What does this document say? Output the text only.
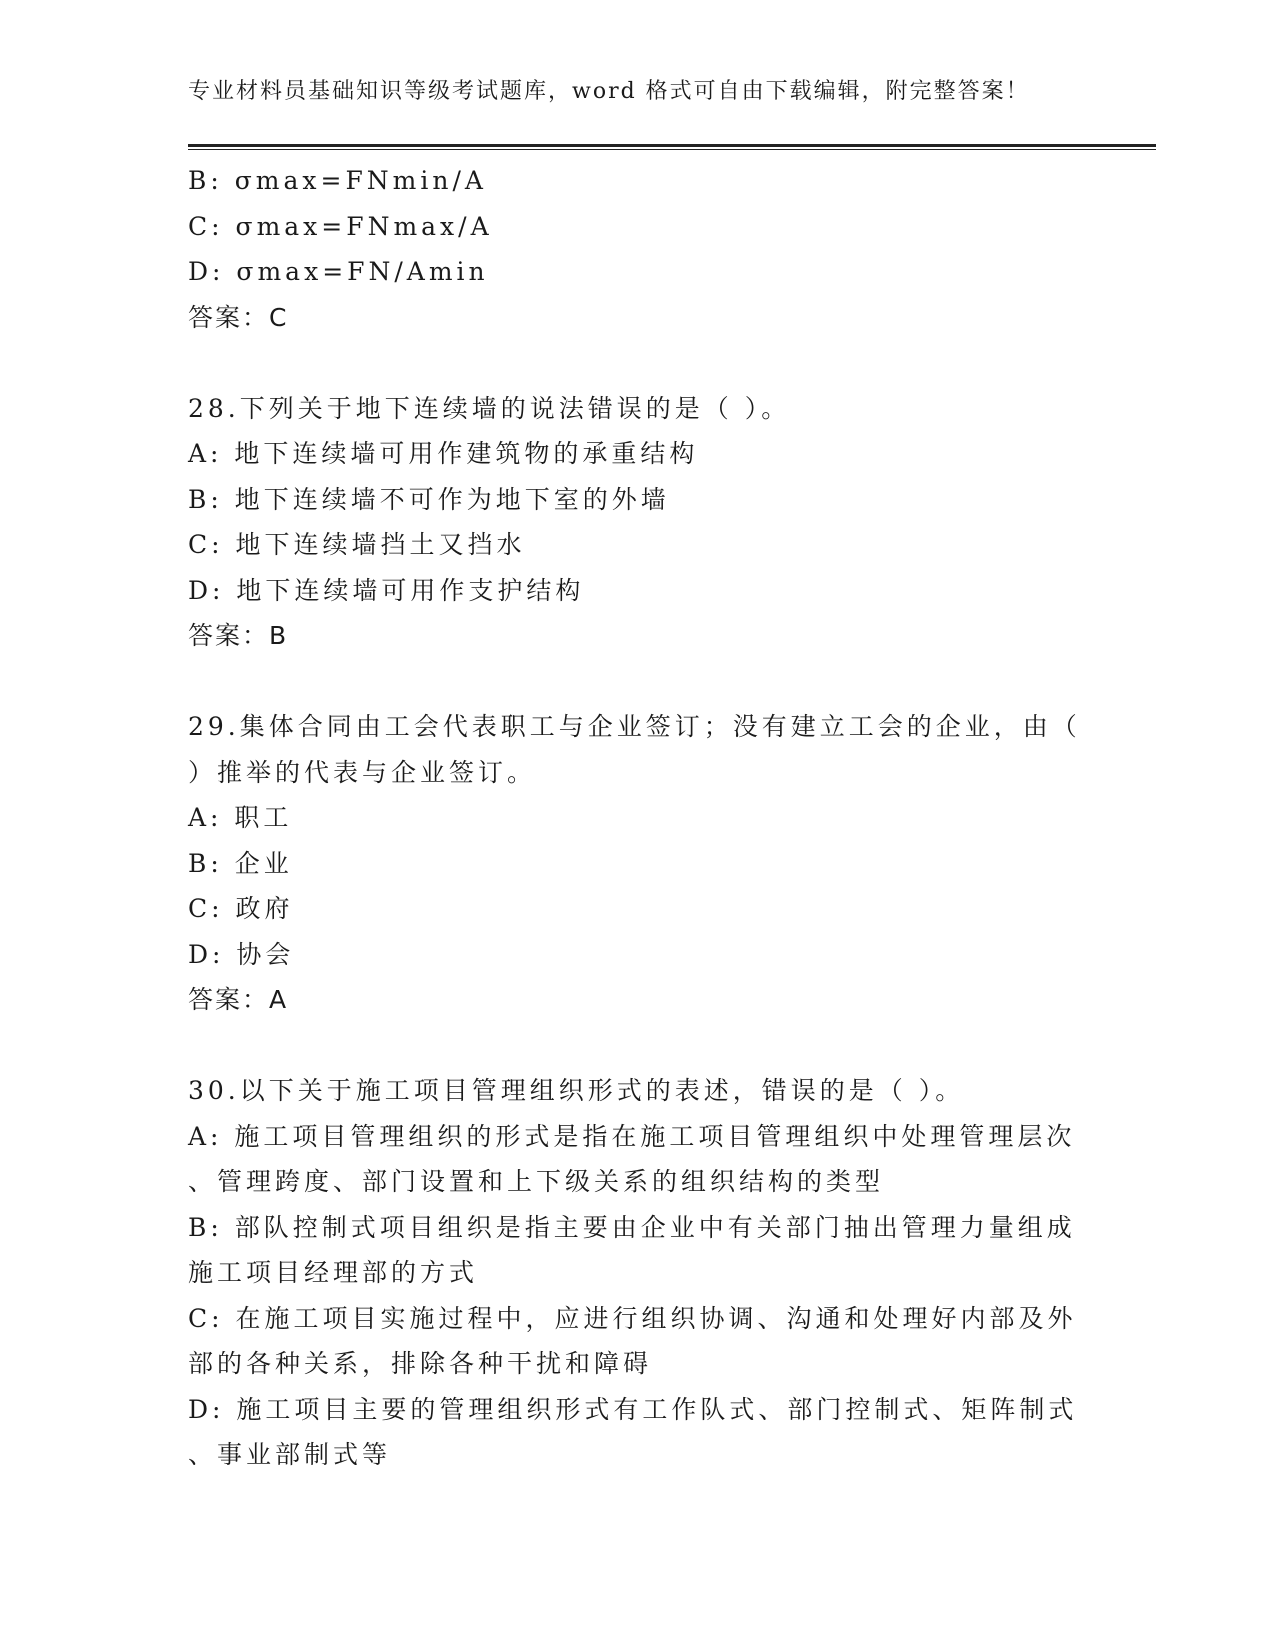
专业材料员基础知识等级考试题库，word 格式可自由下载编辑，附完整答案！
B: σmax=FNmin/A
C: σmax=FNmax/A
D: σmax=FN/Amin
答案：C
28.下列关于地下连续墙的说法错误的是（ ）。
A: 地下连续墙可用作建筑物的承重结构
B: 地下连续墙不可作为地下室的外墙
C: 地下连续墙挡土又挡水
D: 地下连续墙可用作支护结构
答案：B
29.集体合同由工会代表职工与企业签订；没有建立工会的企业，由（
）推举的代表与企业签订。
A: 职工
B: 企业
C: 政府
D: 协会
答案：A
30.以下关于施工项目管理组织形式的表述，错误的是（ ）。
A: 施工项目管理组织的形式是指在施工项目管理组织中处理管理层次
、管理跨度、部门设置和上下级关系的组织结构的类型
B: 部队控制式项目组织是指主要由企业中有关部门抽出管理力量组成
施工项目经理部的方式
C: 在施工项目实施过程中，应进行组织协调、沟通和处理好内部及外
部的各种关系，排除各种干扰和障碍
D: 施工项目主要的管理组织形式有工作队式、部门控制式、矩阵制式
、事业部制式等
